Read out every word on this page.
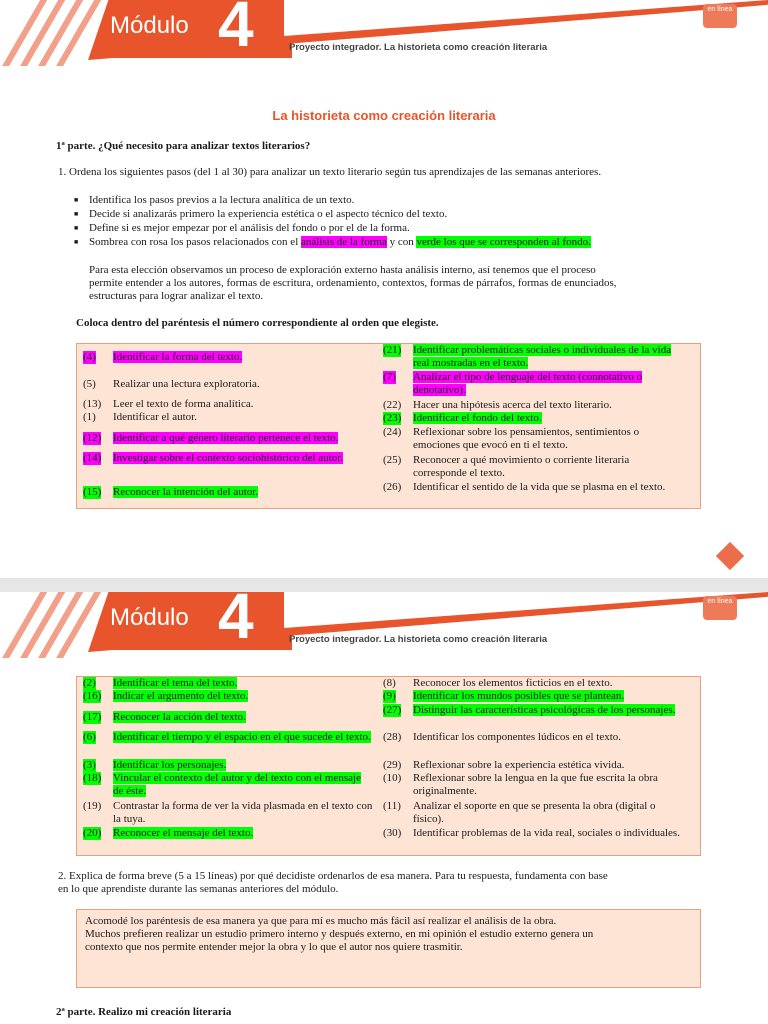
Módulo 4	Semana 4
Semana de integración
Proyecto integrador. La historieta como creación literaria
en línea
La historieta como creación literaria
1ª parte. ¿Qué necesito para analizar textos literarios?
1. Ordena los siguientes pasos (del 1 al 30) para analizar un texto literario según tus aprendizajes de las semanas anteriores.
■ Identifica los pasos previos a la lectura analítica de un texto.
■ Decide si analizarás primero la experiencia estética o el aspecto técnico del texto.
■ Define si es mejor empezar por el análisis del fondo o por el de la forma.
■ Sombrea con rosa los pasos relacionados con el análisis de la forma y con verde los que se corresponden al fondo.
Para esta elección observamos un proceso de exploración externo hasta análisis interno, así tenemos que el proceso
permite entender a los autores, formas de escritura, ordenamiento, contextos, formas de párrafos, formas de enunciados,
estructuras para lograr analizar el texto.
Coloca dentro del paréntesis el número correspondiente al orden que elegiste.
(4) Identificar la forma del texto.
(5) Realizar una lectura exploratoria.
(13) Leer el texto de forma analítica.
(1) Identificar el autor.
(12) Identificar a qué género literario pertenece el texto.
(14) Investigar sobre el contexto sociohistórico del autor.
(15) Reconocer la intención del autor.
(21) Identificar problemáticas sociales o individuales de la vida real mostradas en el texto.
(7) Analizar el tipo de lenguaje del texto (connotativo o denotativo).
(22) Hacer una hipótesis acerca del texto literario.
(23) Identificar el fondo del texto.
(24) Reflexionar sobre los pensamientos, sentimientos o emociones que evocó en ti el texto.
(25) Reconocer a qué movimiento o corriente literaria corresponde el texto.
(26) Identificar el sentido de la vida que se plasma en el texto.
Módulo 4	Semana 4
Semana de integración
Proyecto integrador. La historieta como creación literaria
en línea
(2) Identificar el tema del texto.
(16) Indicar el argumento del texto.
(17) Reconocer la acción del texto.
(6) Identificar el tiempo y el espacio en el que sucede el texto.
(3) Identificar los personajes.
(18) Vincular el contexto del autor y del texto con el mensaje de éste.
(19) Contrastar la forma de ver la vida plasmada en el texto con la tuya.
(20) Reconocer el mensaje del texto.
(8) Reconocer los elementos ficticios en el texto.
(9) Identificar los mundos posibles que se plantean.
(27) Distinguir las características psicológicas de los personajes.
(28) Identificar los componentes lúdicos en el texto.
(29) Reflexionar sobre la experiencia estética vivida.
(10) Reflexionar sobre la lengua en la que fue escrita la obra originalmente.
(11) Analizar el soporte en que se presenta la obra (digital o físico).
(30) Identificar problemas de la vida real, sociales o individuales.
2. Explica de forma breve (5 a 15 líneas) por qué decidiste ordenarlos de esa manera. Para tu respuesta, fundamenta con base
en lo que aprendiste durante las semanas anteriores del módulo.
Acomodé los paréntesis de esa manera ya que para mí es mucho más fácil así realizar el análisis de la obra.
Muchos prefieren realizar un estudio primero interno y después externo, en mi opinión el estudio externo genera un
contexto que nos permite entender mejor la obra y lo que el autor nos quiere trasmitir.
2ª parte. Realizo mi creación literaria
